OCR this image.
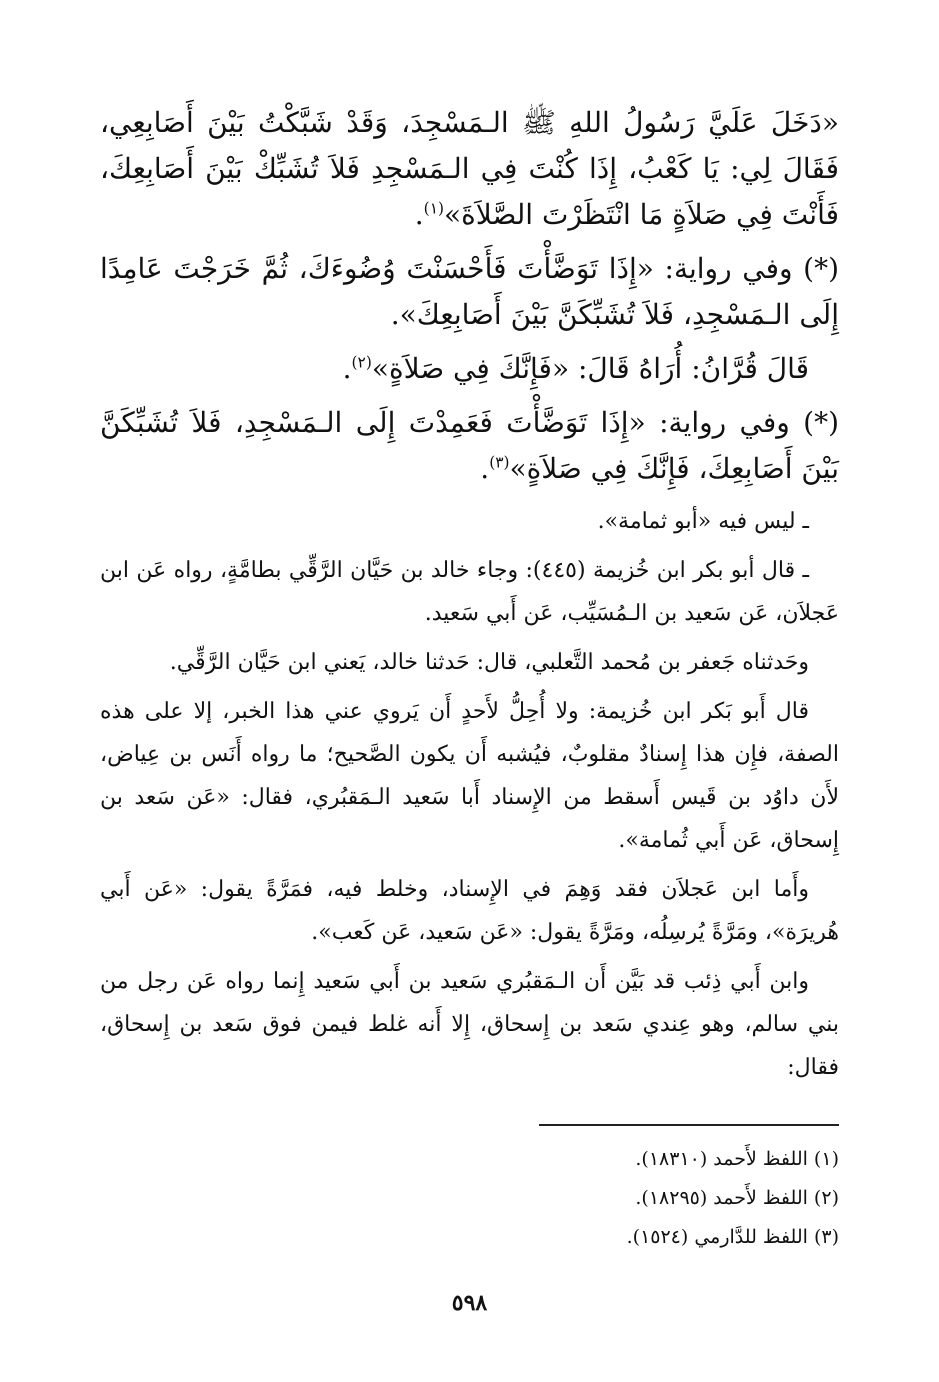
«دَخَلَ عَلَيَّ رَسُولُ اللهِ ﷺ الـمَسْجِدَ، وَقَدْ شَبَّكْتُ بَيْنَ أَصَابِعِي، فَقَالَ لِي: يَا كَعْبُ، إِذَا كُنْتَ فِي الـمَسْجِدِ فَلاَ تُشَبِّكْ بَيْنَ أَصَابِعِكَ، فَأَنْتَ فِي صَلاَةٍ مَا انْتَظَرْتَ الصَّلاَةَ»$^{(١)}$.

(*) وفي رواية: «إِذَا تَوَضَّأْتَ فَأَحْسَنْتَ وُضُوءَكَ، ثُمَّ خَرَجْتَ عَامِدًا إِلَى الـمَسْجِدِ، فَلاَ تُشَبِّكَنَّ بَيْنَ أَصَابِعِكَ».

قَالَ قُرَّانُ: أُرَاهُ قَالَ: «فَإِنَّكَ فِي صَلاَةٍ»$^{(٢)}$.

(*) وفي رواية: «إِذَا تَوَضَّأْتَ فَعَمِدْتَ إِلَى الـمَسْجِدِ، فَلاَ تُشَبِّكَنَّ بَيْنَ أَصَابِعِكَ، فَإِنَّكَ فِي صَلاَةٍ»$^{(٣)}$.

ـ ليس فيه «أبو ثمامة».

ـ قال أبو بكر ابن خُزيمة (٤٤٥): وجاء خالد بن حَيَّان الرَّقِّي بطامَّةٍ، رواه عَن ابن عَجلاَن، عَن سَعيد بن الـمُسَيِّب، عَن أَبي سَعيد.

وحَدثناه جَعفر بن مُحمد التَّعلبي، قال: حَدثنا خالد، يَعني ابن حَيَّان الرَّقِّي.

قال أَبو بَكر ابن خُزيمة: ولا أُحِلُّ لأَحدٍ أَن يَروي عني هذا الخبر، إلا على هذه الصفة، فإِن هذا إِسنادٌ مقلوبٌ، فيُشبه أَن يكون الصَّحيح؛ ما رواه أَنَس بن عِياض، لأَن داوُد بن قَيس أَسقط من الإِسناد أَبا سَعيد الـمَقبُري، فقال: «عَن سَعد بن إِسحاق، عَن أَبي ثُمامة».

وأَما ابن عَجلاَن فقد وَهِمَ في الإِسناد، وخلط فيه، فمَرَّةً يقول: «عَن أَبي هُريرَة»، ومَرَّةً يُرسِلُه، ومَرَّةً يقول: «عَن سَعيد، عَن كَعب».

وابن أَبي ذِئب قد بَيَّن أَن الـمَقبُري سَعيد بن أَبي سَعيد إِنما رواه عَن رجل من بني سالم، وهو عِندي سَعد بن إِسحاق، إِلا أَنه غلط فيمن فوق سَعد بن إِسحاق، فقال:

(١) اللفظ لأَحمد (١٨٣١٠).

(٢) اللفظ لأَحمد (١٨٢٩٥).

(٣) اللفظ للدَّارمي (١٥٢٤).

٥٩٨
